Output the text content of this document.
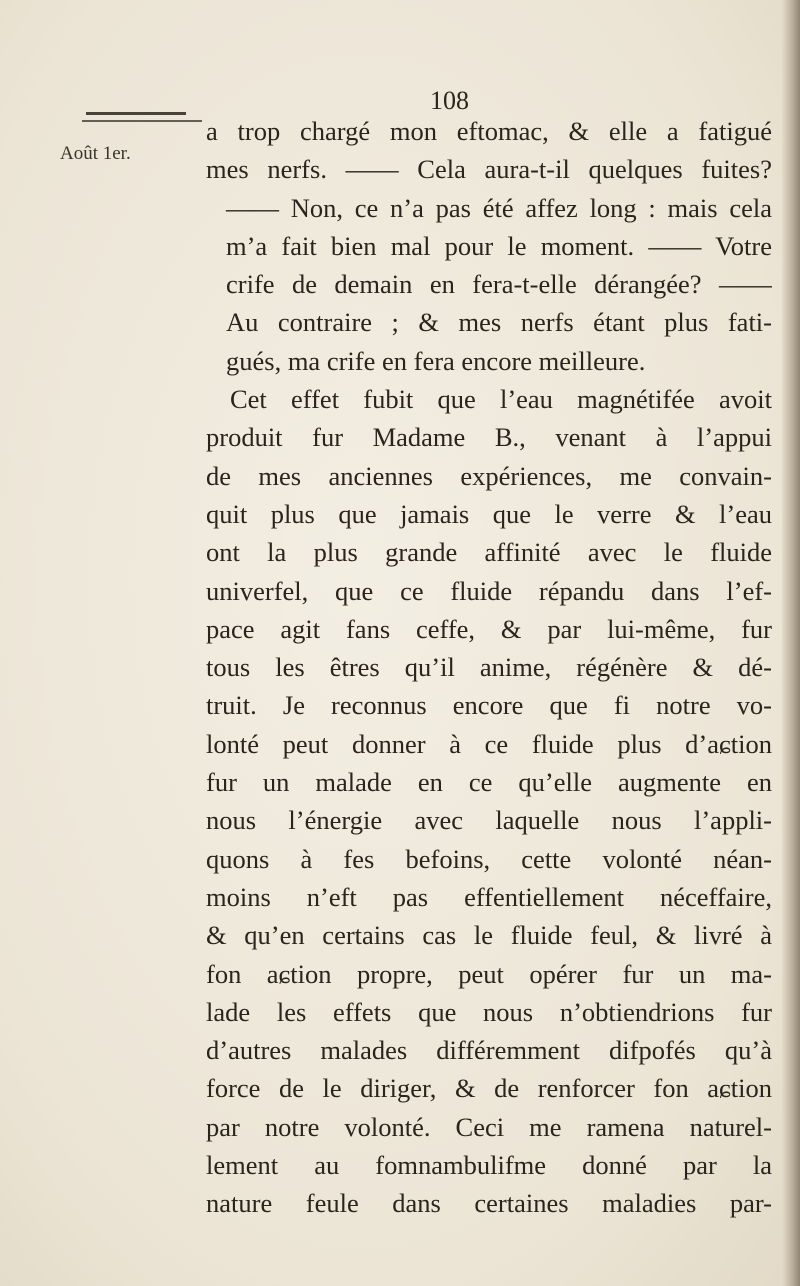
108
Août 1er.
a trop chargé mon eftomac, & elle a fatigué
mes nerfs. —— Cela aura-t-il quelques fuites?
—— Non, ce n’a pas été affez long : mais cela
m’a fait bien mal pour le moment. —— Votre
crife de demain en fera-t-elle dérangée? ——
Au contraire ; & mes nerfs étant plus fati-
gués, ma crife en fera encore meilleure.
Cet effet fubit que l’eau magnétifée avoit
produit fur Madame B., venant à l’appui
de mes anciennes expériences, me convain-
quit plus que jamais que le verre & l’eau
ont la plus grande affinité avec le fluide
univerfel, que ce fluide répandu dans l’ef-
pace agit fans ceffe, & par lui-même, fur
tous les êtres qu’il anime, régénère & dé-
truit. Je reconnus encore que fi notre vo-
lonté peut donner à ce fluide plus d’aɕtion
fur un malade en ce qu’elle augmente en
nous l’énergie avec laquelle nous l’appli-
quons à fes befoins, cette volonté néan-
moins n’eft pas effentiellement néceffaire,
& qu’en certains cas le fluide feul, & livré à
fon aɕtion propre, peut opérer fur un ma-
lade les effets que nous n’obtiendrions fur
d’autres malades différemment difpofés qu’à
force de le diriger, & de renforcer fon aɕtion
par notre volonté. Ceci me ramena naturel-
lement au fomnambulifme donné par la
nature feule dans certaines maladies par-
